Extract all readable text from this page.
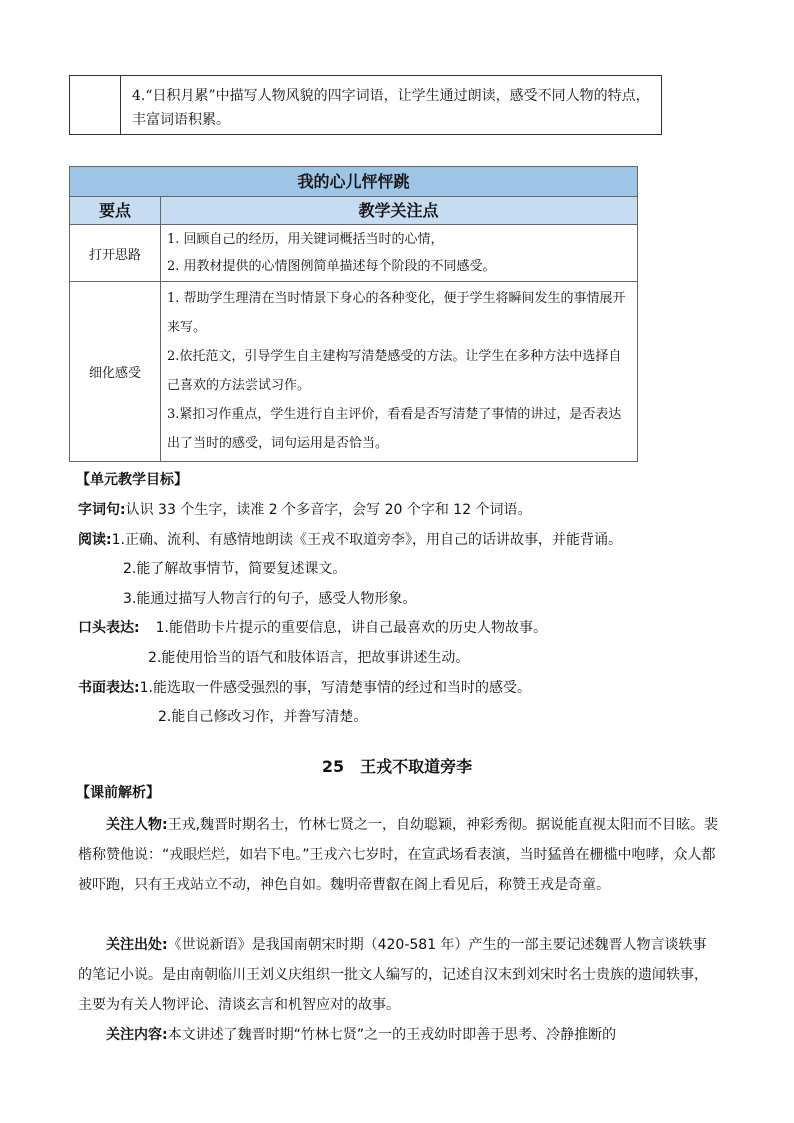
4.“日积月累”中描写人物风貌的四字词语，让学生通过朗读，感受不同人物的特点，丰富词语积累。
我的心儿怦怦跳
要点	教学关注点
打开思路
1. 回顾自己的经历，用关键词概括当时的心情，
2. 用教材提供的心情图例简单描述每个阶段的不同感受。
细化感受
1. 帮助学生理清在当时情景下身心的各种变化，便于学生将瞬间发生的事情展开来写。
2.依托范文，引导学生自主建构写清楚感受的方法。让学生在多种方法中选择自己喜欢的方法尝试习作。
3.紧扣习作重点，学生进行自主评价，看看是否写清楚了事情的讲过，是否表达出了当时的感受，词句运用是否恰当。
【单元教学目标】
字词句:认识 33 个生字，读准 2 个多音字，会写 20 个字和 12 个词语。
阅读:1.正确、流利、有感情地朗读《王戎不取道旁李》，用自己的话讲故事，并能背诵。
2.能了解故事情节，简要复述课文。
3.能通过描写人物言行的句子，感受人物形象。
口头表达: 1.能借助卡片提示的重要信息，讲自己最喜欢的历史人物故事。
2.能使用恰当的语气和肢体语言，把故事讲述生动。
书面表达:1.能选取一件感受强烈的事，写清楚事情的经过和当时的感受。
2.能自己修改习作，并誊写清楚。
25　王戎不取道旁李
【课前解析】
关注人物:王戎,魏晋时期名士，竹林七贤之一，自幼聪颖，神彩秀彻。据说能直视太阳而不目眩。裴楷称赞他说：“戎眼烂烂，如岩下电。”王戎六七岁时，在宣武场看表演，当时猛兽在栅槛中咆哮，众人都被吓跑，只有王戎站立不动，神色自如。魏明帝曹叡在阁上看见后，称赞王戎是奇童。
关注出处:《世说新语》是我国南朝宋时期（420-581 年）产生的一部主要记述魏晋人物言谈轶事的笔记小说。是由南朝临川王刘义庆组织一批文人编写的，记述自汉末到刘宋时名士贵族的遗闻轶事，主要为有关人物评论、清谈玄言和机智应对的故事。
关注内容:本文讲述了魏晋时期“竹林七贤”之一的王戎幼时即善于思考、冷静推断的
